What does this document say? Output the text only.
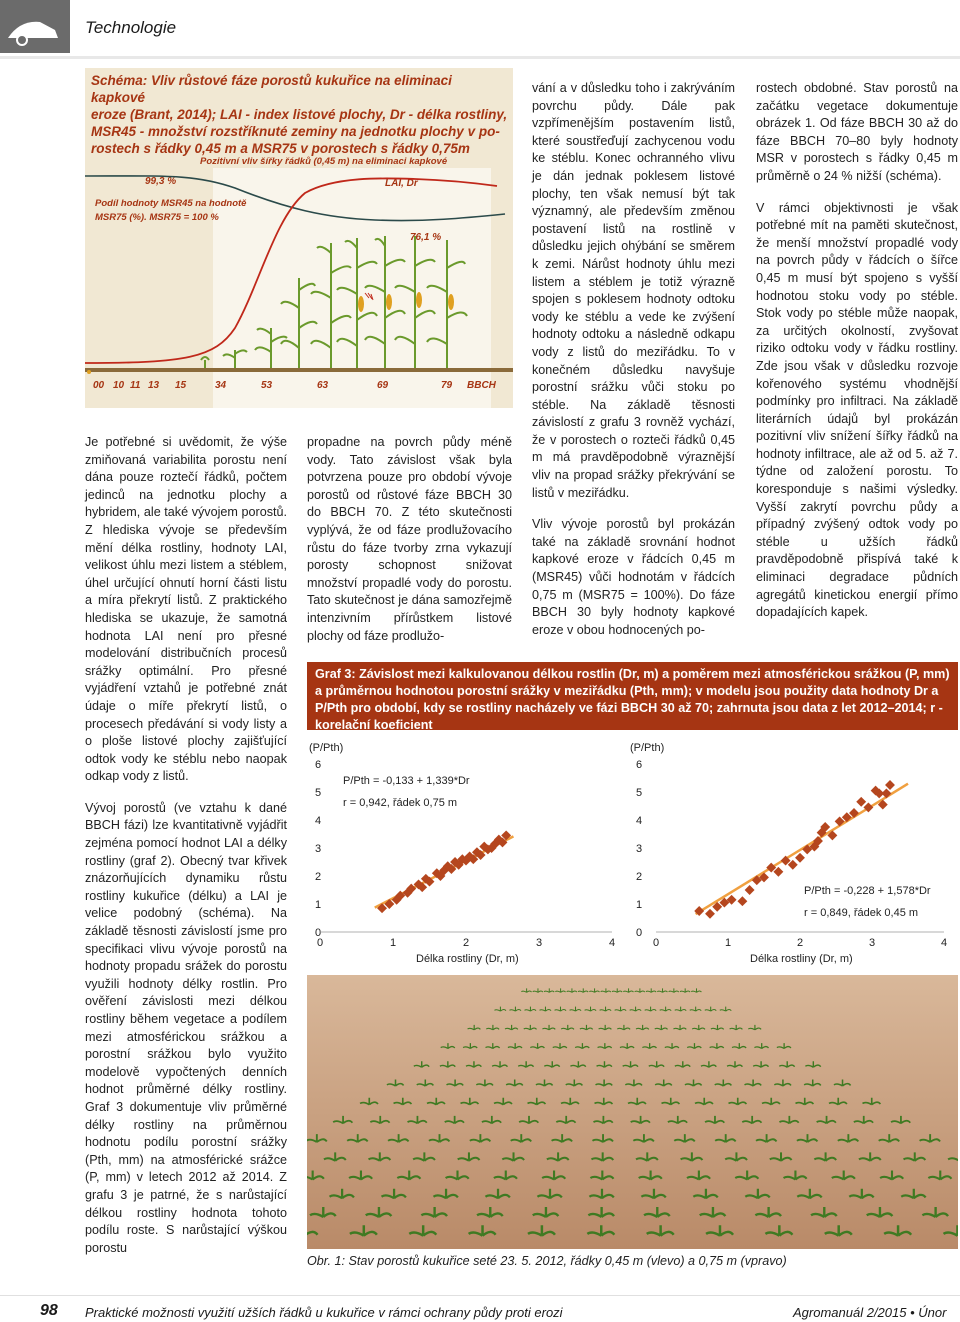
Technologie
Schéma: Vliv růstové fáze porostů kukuřice na eliminaci kapkové
eroze (Brant, 2014); LAI - index listové plochy, Dr - délka rostliny,
MSR45 - množství rozstříknuté zeminy na jednotku plochy v po-
rostech s řádky 0,45 m a MSR75 v porostech s řádky 0,75m
Pozitivní vliv šířky řádků (0,45 m) na eliminaci kapkové
99,3 %	LAI, Dr
Podíl hodnoty MSR45 na hodnotě
MSR75 (%). MSR75 = 100 %
76,1 %
00 10 11 13 15	34	53	63	69	79 BBCH

Je potřebné si uvědomit, že výše zmiňovaná variabilita porostu není dána pouze roztečí řádků, počtem jedinců na jednotku plochy a hybridem, ale také vývojem porostů. Z hlediska vývoje se především mění délka rostliny, hodnoty LAI, velikost úhlu mezi listem a stéblem, úhel určující ohnutí horní části listu a míra překrytí listů. Z praktického hlediska se ukazuje, že samotná hodnota LAI není pro přesné modelování distribučních procesů srážky optimální. Pro přesné vyjádření vztahů je potřebné znát údaje o míře překrytí listů, o procesech předávání si vody listy a o ploše listové plochy zajišťující odtok vody ke stéblu nebo naopak odkap vody z listů.

Vývoj porostů (ve vztahu k dané BBCH fázi) lze kvantitativně vyjádřit zejména pomocí hodnot LAI a délky rostliny (graf 2). Obecný tvar křivek znázorňujících dynamiku růstu rostliny kukuřice (délku) a LAI je velice podobný (schéma). Na základě těsnosti závislostí jsme pro specifikaci vlivu vývoje porostů na hodnoty propadu srážek do porostu využili hodnoty délky rostlin. Pro ověření závislosti mezi délkou rostliny během vegetace a podílem mezi atmosférickou srážkou a porostní srážkou bylo využito modelově vypočtených denních hodnot průměrné délky rostliny. Graf 3 dokumentuje vliv průměrné délky rostliny na průměrnou hodnotu podílu porostní srážky (Pth, mm) na atmosférické srážce (P, mm) v letech 2012 až 2014. Z grafu 3 je patrné, že s narůstající délkou rostliny hodnota tohoto podílu roste. S narůstající výškou porostu

propadne na povrch půdy méně vody. Tato závislost však byla potvrzena pouze pro období vývoje porostů od růstové fáze BBCH 30 do BBCH 70. Z této skutečnosti vyplývá, že od fáze prodlužovacího růstu do fáze tvorby zrna vykazují porosty schopnost snižovat množství propadlé vody do porostu. Tato skutečnost je dána samozřejmě intenzivním přírůstkem listové plochy od fáze prodlužo-

vání a v důsledku toho i zakrýváním povrchu půdy. Dále pak vzpřímenějším postavením listů, které soustřeďují zachycenou vodu ke stéblu. Konec ochranného vlivu je dán jednak poklesem listové plochy, ten však nemusí být tak významný, ale především změnou postavení listů na rostlině v důsledku jejich ohýbání se směrem k zemi. Nárůst hodnoty úhlu mezi listem a stéblem je totiž výrazně spojen s poklesem hodnoty odtoku vody ke stéblu a vede ke zvýšení hodnoty odtoku a následně odkapu vody z listů do meziřádku. To v konečném důsledku navyšuje porostní srážku vůči stoku po stéble. Na základě těsnosti závislostí z grafu 3 rovněž vychází, že v porostech o rozteči řádků 0,45 m má pravděpodobně výraznější vliv na propad srážky překrývání se listů v meziřádku.

Vliv vývoje porostů byl prokázán také na základě srovnání hodnot kapkové eroze v řádcích 0,45 m (MSR45) vůči hodnotám v řádcích 0,75 m (MSR75 = 100%). Do fáze BBCH 30 byly hodnoty kapkové eroze v obou hodnocených po-

rostech obdobné. Stav porostů na začátku vegetace dokumentuje obrázek 1. Od fáze BBCH 30 až do fáze BBCH 70–80 byly hodnoty MSR v porostech s řádky 0,45 m průměrně o 24 % nižší (schéma).

V rámci objektivnosti je však potřebné mít na paměti skutečnost, že menší množství propadlé vody na povrch půdy v řádcích o šířce 0,45 m musí být spojeno s vyšší hodnotou stoku vody po stéble. Stok vody po stéble může naopak, za určitých okolností, zvyšovat riziko odtoku vody v řádku rostliny. Zde jsou však v důsledku rozvoje kořenového systému vhodnější podmínky pro infiltraci. Na základě literárních údajů byl prokázán pozitivní vliv snížení šířky řádků na hodnoty infiltrace, ale až od 5. až 7. týdne od založení porostu. To koresponduje s našimi výsledky. Vyšší zakrytí povrchu půdy a případný zvýšený odtok vody po stéble u užších řádků pravděpodobně přispívá také k eliminaci degradace půdních agregátů kinetickou energií přímo dopadajících kapek.

Graf 3: Závislost mezi kalkulovanou délkou rostlin (Dr, m) a poměrem mezi atmosférickou srážkou (P, mm) a průměrnou hodnotou porostní srážky v meziřádku (Pth, mm); v modelu jsou použity data hodnoty Dr a P/Pth pro období, kdy se rostliny nacházely ve fázi BBCH 30 až 70; zahrnuta jsou data z let 2012–2014; r - korelační koeficient
(P/Pth)
0
1
2
3
4
5
6
0	1	2	3	4
Délka rostliny (Dr, m)
P/Pth = -0,133 + 1,339*Dr
r = 0,942, řádek 0,75 m
(P/Pth)
0
1
2
3
4
5
6
0	1	2	3	4
Délka rostliny (Dr, m)
P/Pth = -0,228 + 1,578*Dr
r = 0,849, řádek 0,45 m
Obr. 1: Stav porostů kukuřice seté 23. 5. 2012, řádky 0,45 m (vlevo) a 0,75 m (vpravo)
98 Praktické možnosti využití užších řádků u kukuřice v rámci ochrany půdy proti erozi	Agromanuál 2/2015 • Únor
